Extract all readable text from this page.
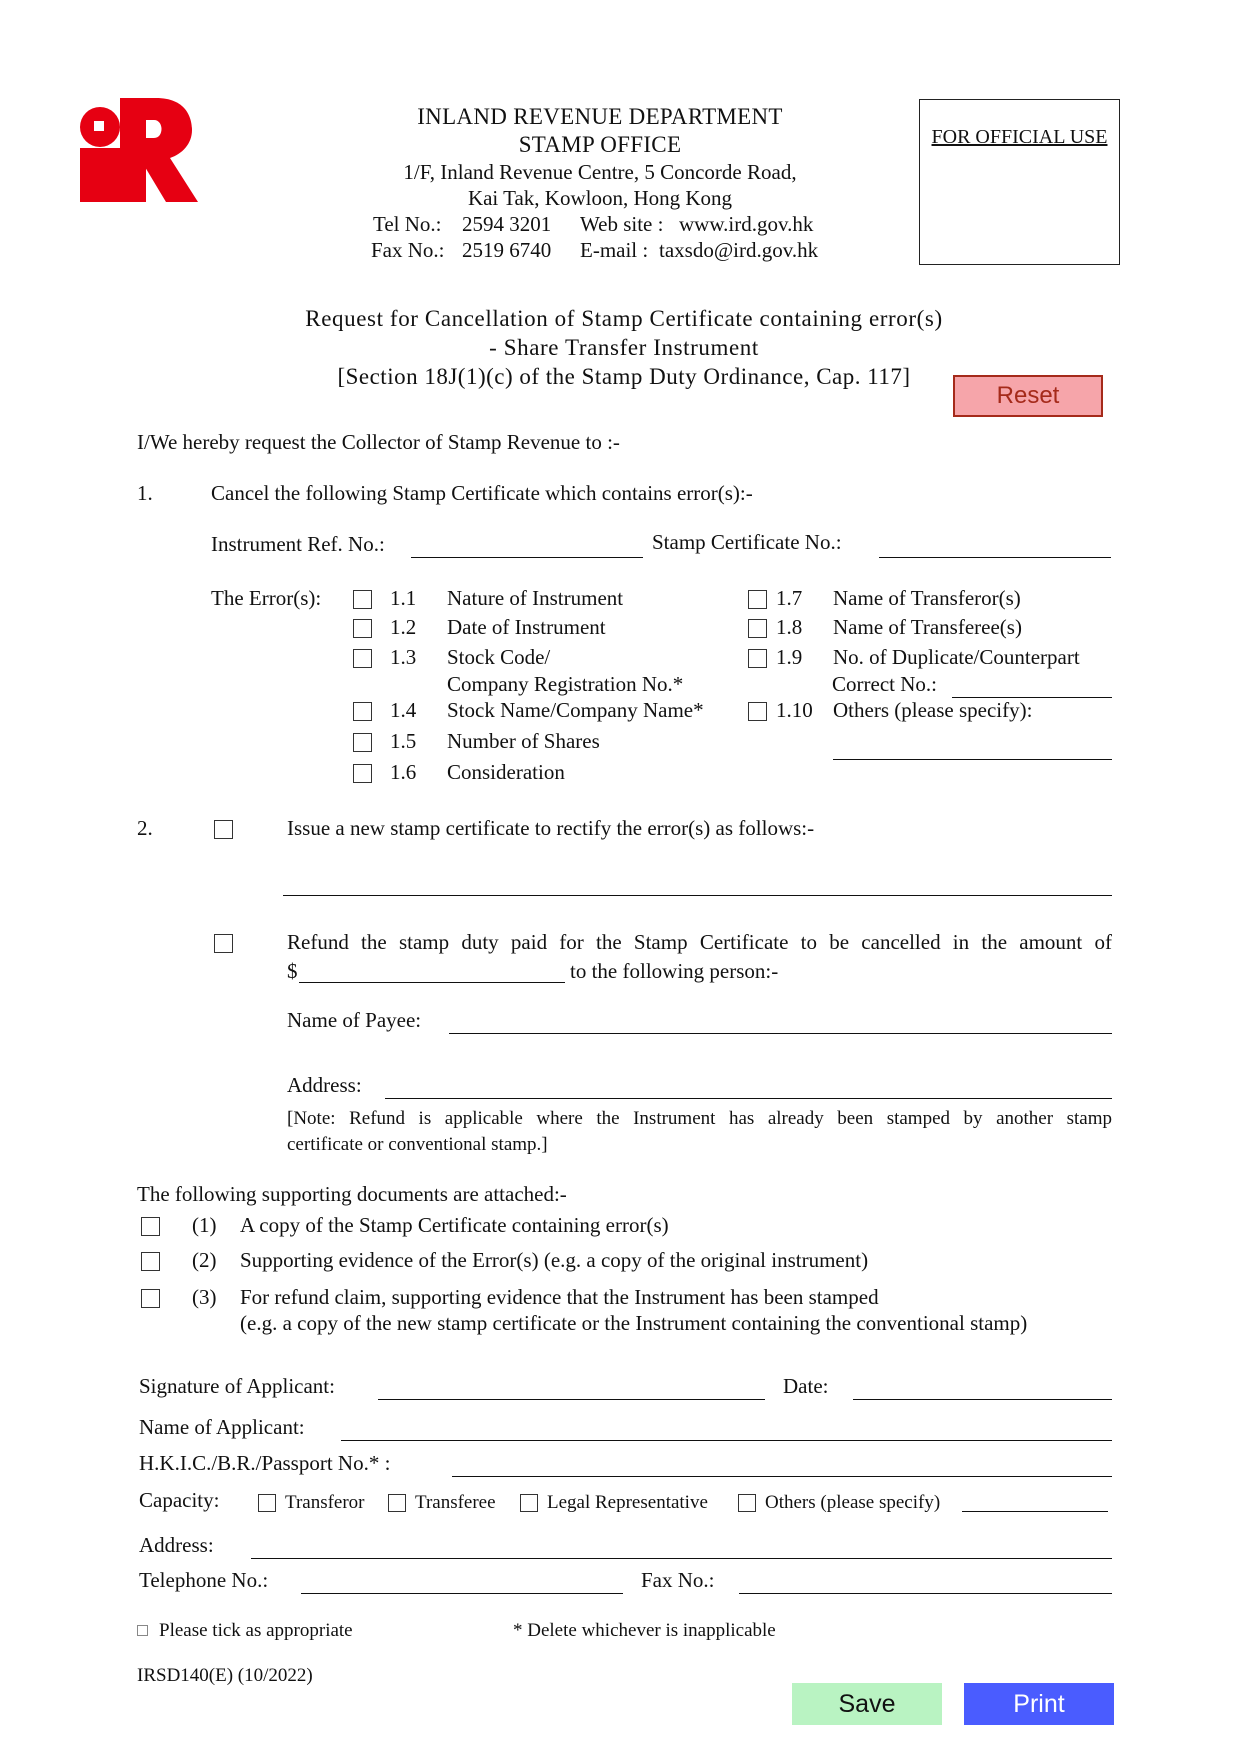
INLAND REVENUE DEPARTMENT
STAMP OFFICE
1/F, Inland Revenue Centre, 5 Concorde Road,
Kai Tak, Kowloon, Hong Kong
Tel No.: 2594 3201 Web site : www.ird.gov.hk
Fax No.: 2519 6740 E-mail : taxsdo@ird.gov.hk
FOR OFFICIAL USE
Request for Cancellation of Stamp Certificate containing error(s)
- Share Transfer Instrument
[Section 18J(1)(c) of the Stamp Duty Ordinance, Cap. 117]
Reset
I/We hereby request the Collector of Stamp Revenue to :-
1.	Cancel the following Stamp Certificate which contains error(s):-
Instrument Ref. No.:	Stamp Certificate No.:
The Error(s):	1.1 Nature of Instrument
1.2 Date of Instrument
1.3 Stock Code/
Company Registration No.*
1.4 Stock Name/Company Name*
1.5 Number of Shares
1.6 Consideration
1.7 Name of Transferor(s)
1.8 Name of Transferee(s)
1.9 No. of Duplicate/Counterpart
Correct No.:
1.10 Others (please specify):
2.	Issue a new stamp certificate to rectify the error(s) as follows:-
Refund the stamp duty paid for the Stamp Certificate to be cancelled in the amount of
$	to the following person:-
Name of Payee:
Address:
[Note: Refund is applicable where the Instrument has already been stamped by another stamp
certificate or conventional stamp.]
The following supporting documents are attached:-
(1) A copy of the Stamp Certificate containing error(s)
(2) Supporting evidence of the Error(s) (e.g. a copy of the original instrument)
(3) For refund claim, supporting evidence that the Instrument has been stamped
(e.g. a copy of the new stamp certificate or the Instrument containing the conventional stamp)
Signature of Applicant:	Date:
Name of Applicant:
H.K.I.C./B.R./Passport No.* :
Capacity:	Transferor	Transferee	Legal Representative	Others (please specify)
Address:
Telephone No.:	Fax No.:
Please tick as appropriate	* Delete whichever is inapplicable
IRSD140(E) (10/2022)
Save	Print
